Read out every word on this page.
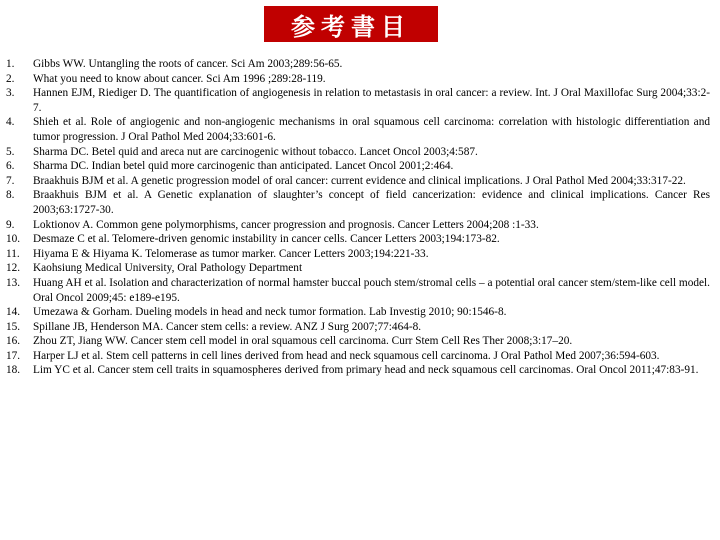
参考書目
1.	Gibbs WW. Untangling the roots of cancer. Sci Am 2003;289:56-65.
2.	What you need to know about cancer. Sci Am 1996 ;289:28-119.
3.	Hannen EJM, Riediger D. The quantification of angiogenesis in relation to metastasis in oral cancer: a review. Int. J Oral Maxillofac Surg 2004;33:2-7.
4.	Shieh et al. Role of angiogenic and non-angiogenic mechanisms in oral squamous cell carcinoma: correlation with histologic differentiation and tumor progression. J Oral Pathol Med 2004;33:601-6.
5.	Sharma DC. Betel quid and areca nut are carcinogenic without tobacco. Lancet Oncol 2003;4:587.
6.	Sharma DC. Indian betel quid more carcinogenic than anticipated. Lancet Oncol 2001;2:464.
7.	Braakhuis BJM et al. A genetic progression model of oral cancer: current evidence and clinical implications. J Oral Pathol Med 2004;33:317-22.
8.	Braakhuis BJM et al. A Genetic explanation of slaughter’s concept of field cancerization: evidence and clinical implications. Cancer Res 2003;63:1727-30.
9.	Loktionov A. Common gene polymorphisms, cancer progression and prognosis. Cancer Letters 2004;208 :1-33.
10.	Desmaze C et al. Telomere-driven genomic instability in cancer cells. Cancer Letters 2003;194:173-82.
11.	Hiyama E & Hiyama K. Telomerase as tumor marker. Cancer Letters 2003;194:221-33.
12.	Kaohsiung Medical University, Oral Pathology Department
13.	Huang AH et al. Isolation and characterization of normal hamster buccal pouch stem/stromal cells – a potential oral cancer stem/stem-like cell model. Oral Oncol 2009;45: e189-e195.
14.	Umezawa & Gorham. Dueling models in head and neck tumor formation. Lab Investig 2010; 90:1546-8.
15.	Spillane JB, Henderson MA. Cancer stem cells: a review. ANZ J Surg 2007;77:464-8.
16.	Zhou ZT, Jiang WW. Cancer stem cell model in oral squamous cell carcinoma. Curr Stem Cell Res Ther 2008;3:17–20.
17.	Harper LJ et al. Stem cell patterns in cell lines derived from head and neck squamous cell carcinoma. J Oral Pathol Med 2007;36:594-603.
18.	Lim YC et al. Cancer stem cell traits in squamospheres derived from primary head and neck squamous cell carcinomas. Oral Oncol 2011;47:83-91.
